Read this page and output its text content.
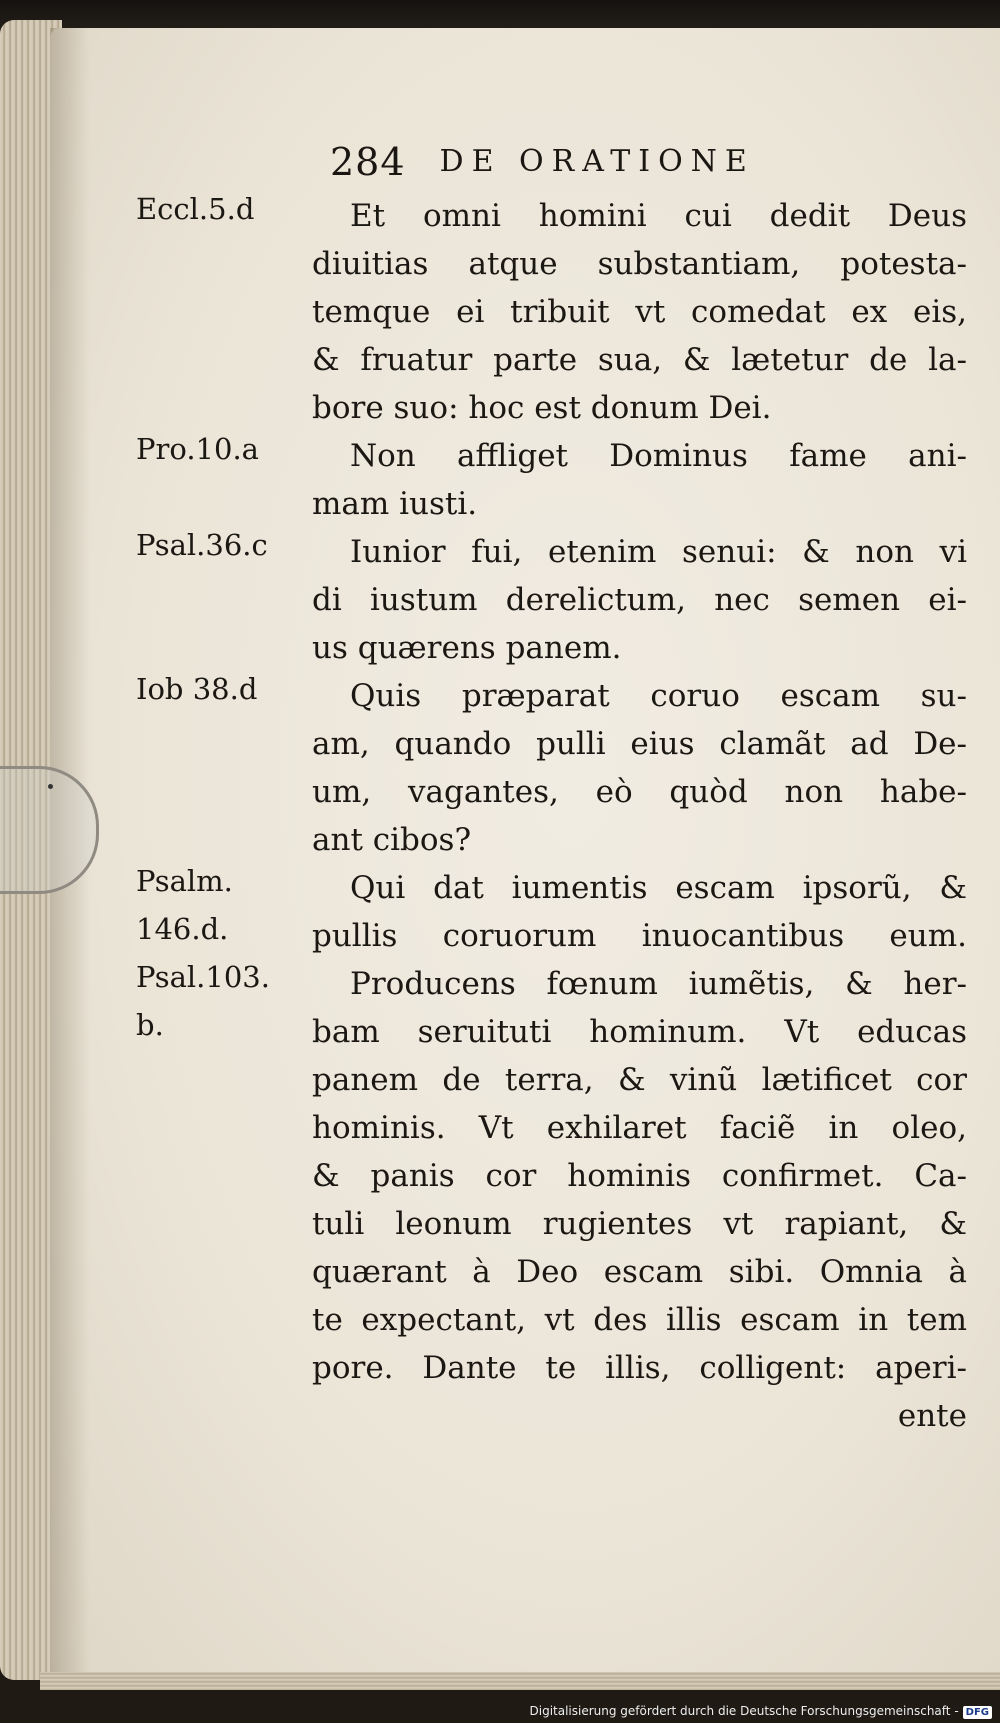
284 DE ORATIONE
Eccl.5.d
Pro.10.a
Psal.36.c
Iob 38.d
Psalm.
146.d.
Psal.103.
b.
Et omni homini cui dedit Deus
diuitias atque substantiam, potesta-
temque ei tribuit vt comedat ex eis,
& fruatur parte sua, & lætetur de la-
bore suo: hoc est donum Dei.
Non affliget Dominus fame ani-
mam iusti.
Iunior fui, etenim senui: & non vi
di iustum derelictum, nec semen ei-
us quærens panem.
Quis præparat coruo escam su-
am, quando pulli eius clamãt ad De-
um, vagantes, eò quòd non habe-
ant cibos?
Qui dat iumentis escam ipsorũ, &
pullis coruorum inuocantibus eum.
Producens fœnum iumẽtis, & her-
bam seruituti hominum. Vt educas
panem de terra, & vinũ lætificet cor
hominis. Vt exhilaret faciẽ in oleo,
& panis cor hominis confirmet. Ca-
tuli leonum rugientes vt rapiant, &
quærant à Deo escam sibi. Omnia à
te expectant, vt des illis escam in tem
pore. Dante te illis, colligent: aperi-
ente
Digitalisierung gefördert durch die Deutsche Forschungsgemeinschaft - DFG
